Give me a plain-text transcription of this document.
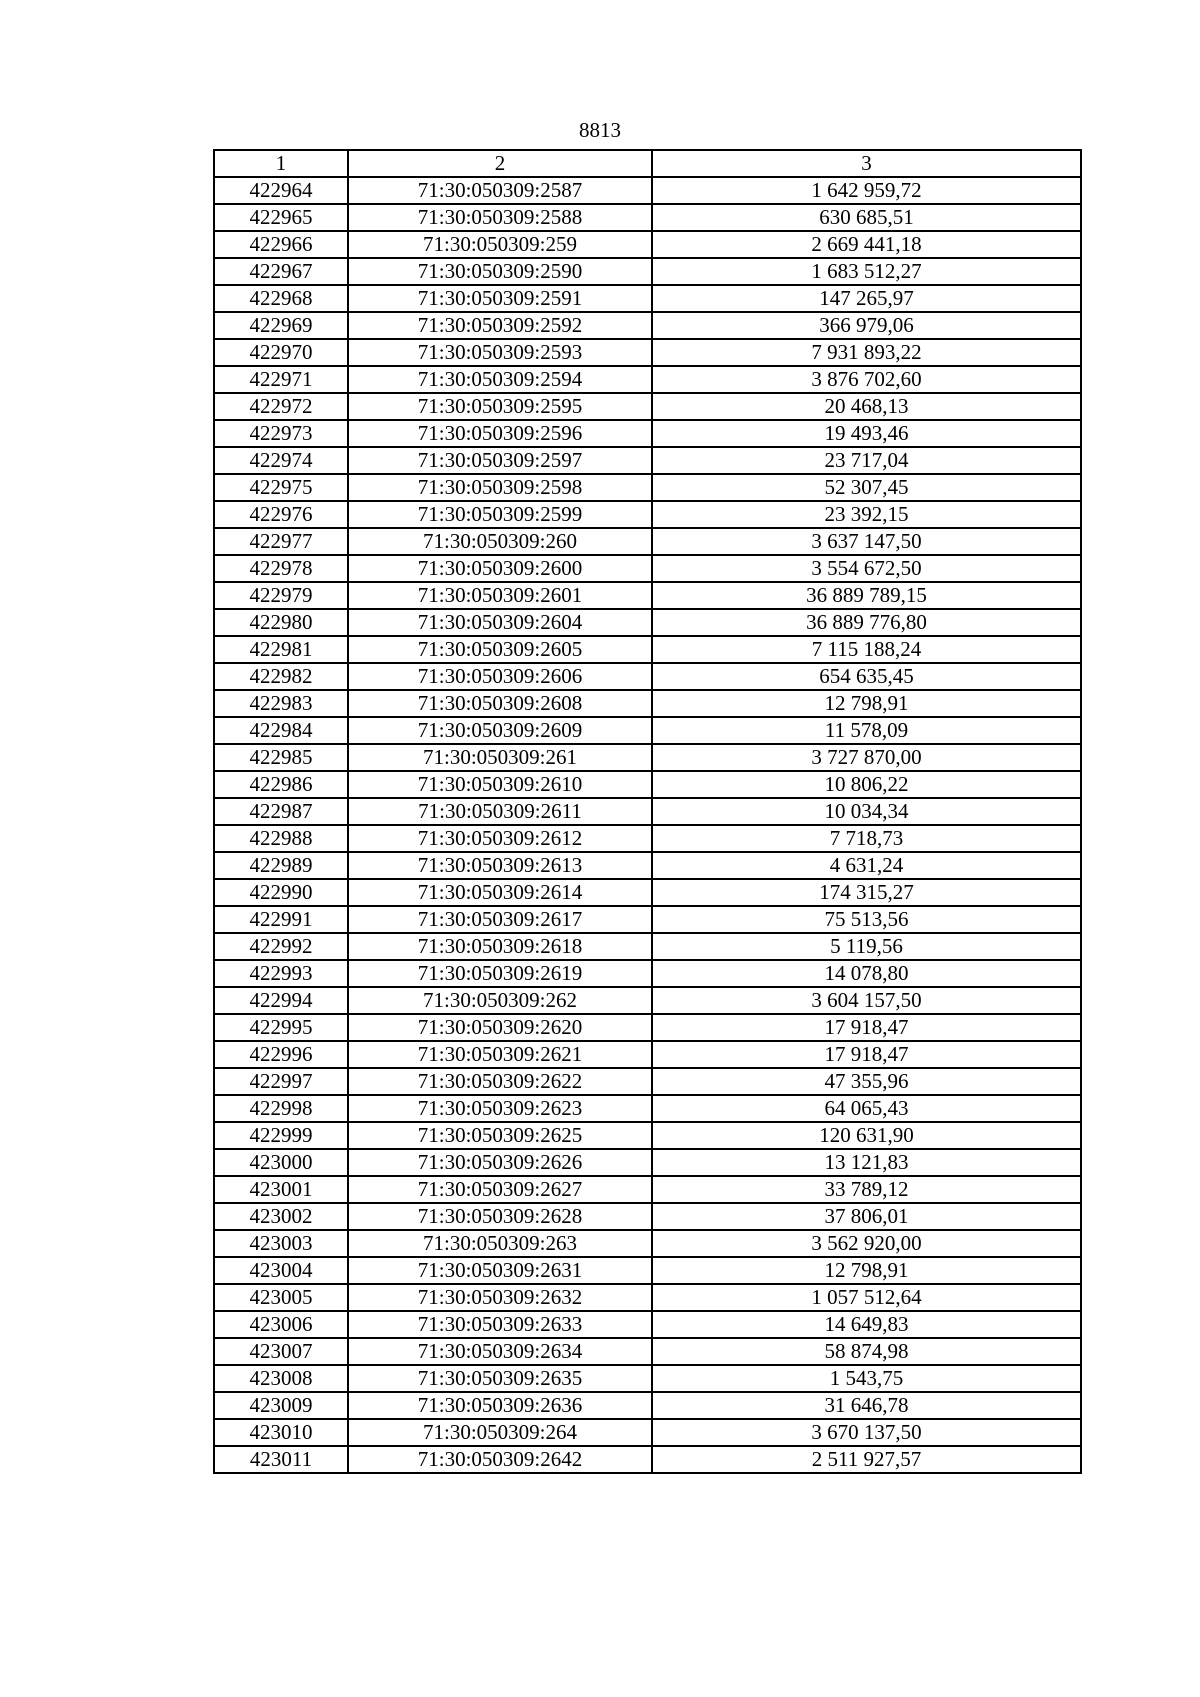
8813
1	2	3
422964	71:30:050309:2587	1 642 959,72
422965	71:30:050309:2588	630 685,51
422966	71:30:050309:259	2 669 441,18
422967	71:30:050309:2590	1 683 512,27
422968	71:30:050309:2591	147 265,97
422969	71:30:050309:2592	366 979,06
422970	71:30:050309:2593	7 931 893,22
422971	71:30:050309:2594	3 876 702,60
422972	71:30:050309:2595	20 468,13
422973	71:30:050309:2596	19 493,46
422974	71:30:050309:2597	23 717,04
422975	71:30:050309:2598	52 307,45
422976	71:30:050309:2599	23 392,15
422977	71:30:050309:260	3 637 147,50
422978	71:30:050309:2600	3 554 672,50
422979	71:30:050309:2601	36 889 789,15
422980	71:30:050309:2604	36 889 776,80
422981	71:30:050309:2605	7 115 188,24
422982	71:30:050309:2606	654 635,45
422983	71:30:050309:2608	12 798,91
422984	71:30:050309:2609	11 578,09
422985	71:30:050309:261	3 727 870,00
422986	71:30:050309:2610	10 806,22
422987	71:30:050309:2611	10 034,34
422988	71:30:050309:2612	7 718,73
422989	71:30:050309:2613	4 631,24
422990	71:30:050309:2614	174 315,27
422991	71:30:050309:2617	75 513,56
422992	71:30:050309:2618	5 119,56
422993	71:30:050309:2619	14 078,80
422994	71:30:050309:262	3 604 157,50
422995	71:30:050309:2620	17 918,47
422996	71:30:050309:2621	17 918,47
422997	71:30:050309:2622	47 355,96
422998	71:30:050309:2623	64 065,43
422999	71:30:050309:2625	120 631,90
423000	71:30:050309:2626	13 121,83
423001	71:30:050309:2627	33 789,12
423002	71:30:050309:2628	37 806,01
423003	71:30:050309:263	3 562 920,00
423004	71:30:050309:2631	12 798,91
423005	71:30:050309:2632	1 057 512,64
423006	71:30:050309:2633	14 649,83
423007	71:30:050309:2634	58 874,98
423008	71:30:050309:2635	1 543,75
423009	71:30:050309:2636	31 646,78
423010	71:30:050309:264	3 670 137,50
423011	71:30:050309:2642	2 511 927,57
